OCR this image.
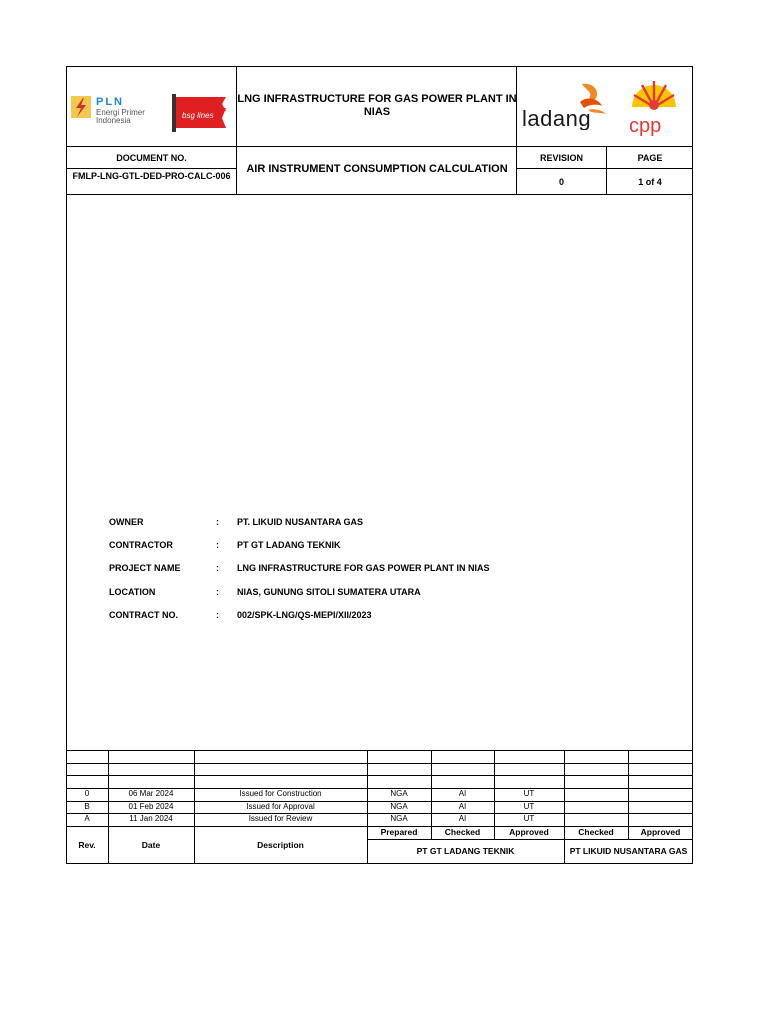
PLN
Energi Primer
Indonesia
bsg lines	ladang cpp
LNG INFRASTRUCTURE FOR GAS POWER PLANT IN NIAS
DOCUMENT NO.
FMLP-LNG-GTL-DED-PRO-CALC-006
AIR INSTRUMENT CONSUMPTION CALCULATION
REVISION	PAGE
0	1 of 4
OWNER	: PT. LIKUID NUSANTARA GAS
CONTRACTOR	: PT GT LADANG TEKNIK
PROJECT NAME	: LNG INFRASTRUCTURE FOR GAS POWER PLANT IN NIAS
LOCATION	: NIAS, GUNUNG SITOLI SUMATERA UTARA
CONTRACT NO.	: 002/SPK-LNG/QS-MEPI/XII/2023
0	06 Mar 2024	Issued for Construction	NGA	AI	UT
B	01 Feb 2024	Issued for Approval	NGA	AI	UT
A	11 Jan 2024	Issued for Review	NGA	AI	UT
Rev.	Date	Description
Prepared	Checked	Approved	Checked	Approved
PT GT LADANG TEKNIK	PT LIKUID NUSANTARA GAS
